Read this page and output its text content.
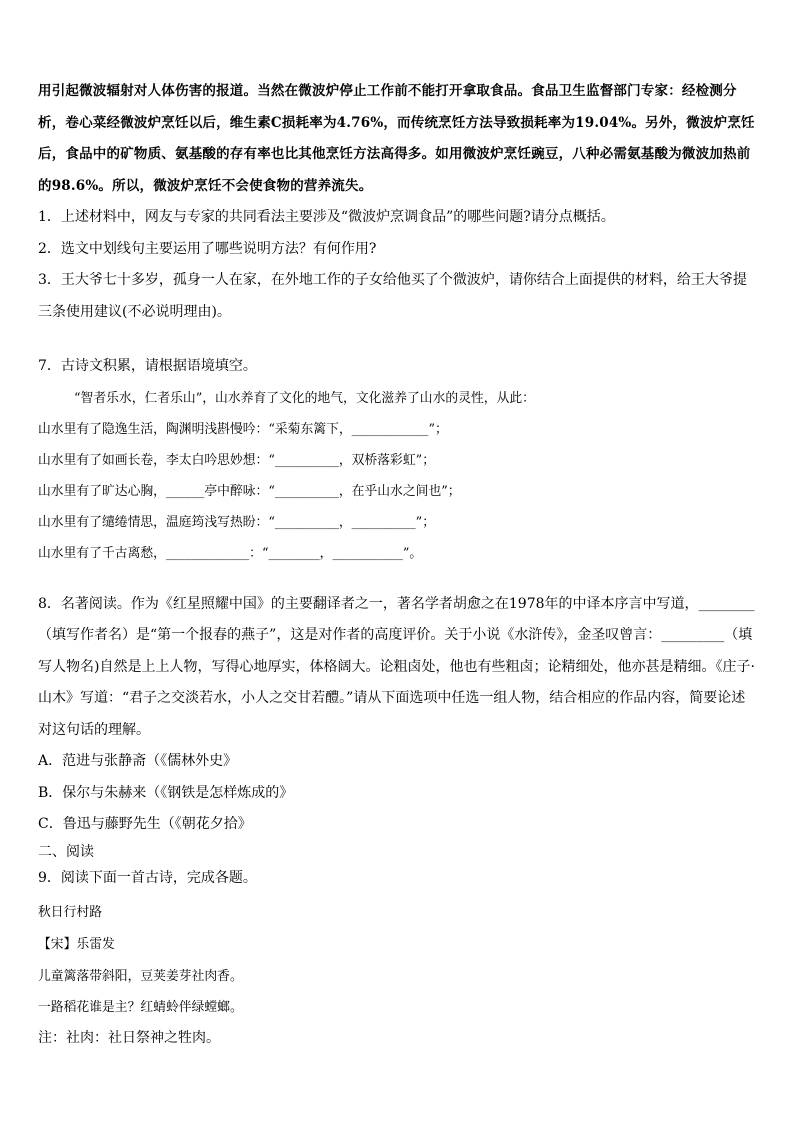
用引起微波辐射对人体伤害的报道。当然在微波炉停止工作前不能打开拿取食品。食品卫生监督部门专家：经检测分析，卷心菜经微波炉烹饪以后，维生素C损耗率为4.76%，而传统烹饪方法导致损耗率为19.04%。另外，微波炉烹饪后，食品中的矿物质、氨基酸的存有率也比其他烹饪方法高得多。如用微波炉烹饪豌豆，八种必需氨基酸为微波加热前的98.6%。所以，微波炉烹饪不会使食物的营养流失。

1．上述材料中，网友与专家的共同看法主要涉及“微波炉烹调食品”的哪些问题?请分点概括。

2．选文中划线句主要运用了哪些说明方法？有何作用?

3．王大爷七十多岁，孤身一人在家，在外地工作的子女给他买了个微波炉，请你结合上面提供的材料，给王大爷提三条使用建议(不必说明理由)。

7．古诗文积累，请根据语境填空。

“智者乐水，仁者乐山”，山水养育了文化的地气，文化滋养了山水的灵性，从此：

山水里有了隐逸生活，陶渊明浅斟慢吟：“采菊东篱下，____________”；

山水里有了如画长卷，李太白吟思妙想：“__________，双桥落彩虹”；

山水里有了旷达心胸，______亭中醉咏：“__________，在乎山水之间也”；

山水里有了缱绻情思，温庭筠浅写热盼：“__________，__________”；

山水里有了千古离愁，_____________：“________，___________”。

8．名著阅读。作为《红星照耀中国》的主要翻译者之一，著名学者胡愈之在1978年的中译本序言中写道，________（填写作者名）是“第一个报春的燕子”，这是对作者的高度评价。关于小说《水浒传》，金圣叹曾言：_________（填写人物名)自然是上上人物，写得心地厚实，体格阔大。论粗卤处，他也有些粗卤；论精细处，他亦甚是精细。《庄子·山木》写道：“君子之交淡若水，小人之交甘若醴。”请从下面选项中任选一组人物，结合相应的作品内容，简要论述对这句话的理解。

A．范进与张静斋（《儒林外史》

B．保尔与朱赫来（《钢铁是怎样炼成的》

C．鲁迅与藤野先生（《朝花夕拾》

二、阅读

9．阅读下面一首古诗，完成各题。

秋日行村路

【宋】乐雷发

儿童篱落带斜阳，豆荚姜芽社肉香。

一路稻花谁是主？红蜻蛉伴绿螳螂。

注：社肉：社日祭神之牲肉。
